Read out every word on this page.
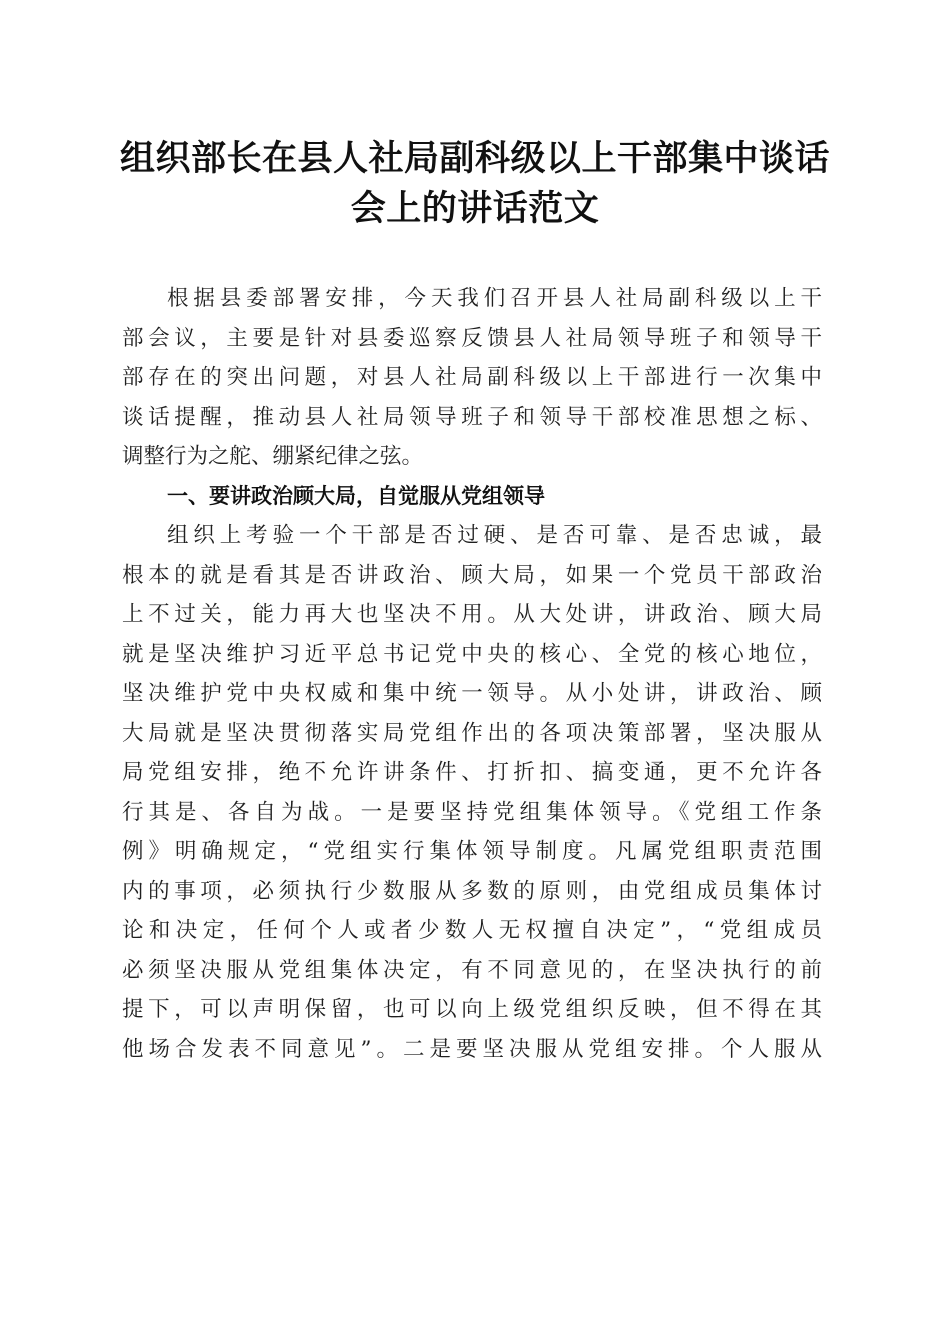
组织部长在县人社局副科级以上干部集中谈话
会上的讲话范文
根据县委部署安排，今天我们召开县人社局副科级以上干
部会议，主要是针对县委巡察反馈县人社局领导班子和领导干
部存在的突出问题，对县人社局副科级以上干部进行一次集中
谈话提醒，推动县人社局领导班子和领导干部校准思想之标、
调整行为之舵、绷紧纪律之弦。
一、要讲政治顾大局，自觉服从党组领导
组织上考验一个干部是否过硬、是否可靠、是否忠诚，最
根本的就是看其是否讲政治、顾大局，如果一个党员干部政治
上不过关，能力再大也坚决不用。从大处讲，讲政治、顾大局
就是坚决维护习近平总书记党中央的核心、全党的核心地位，
坚决维护党中央权威和集中统一领导。从小处讲，讲政治、顾
大局就是坚决贯彻落实局党组作出的各项决策部署，坚决服从
局党组安排，绝不允许讲条件、打折扣、搞变通，更不允许各
行其是、各自为战。一是要坚持党组集体领导。《党组工作条
例》明确规定，“党组实行集体领导制度。凡属党组职责范围
内的事项，必须执行少数服从多数的原则，由党组成员集体讨
论和决定，任何个人或者少数人无权擅自决定”，“党组成员
必须坚决服从党组集体决定，有不同意见的，在坚决执行的前
提下，可以声明保留，也可以向上级党组织反映，但不得在其
他场合发表不同意见”。二是要坚决服从党组安排。个人服从
